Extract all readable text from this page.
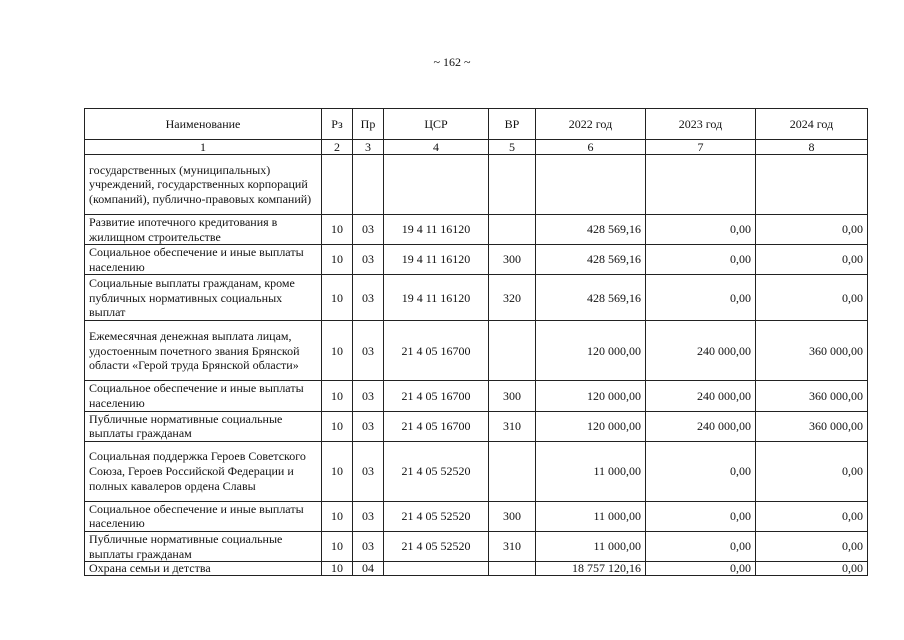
~ 162 ~
Наименование	Рз	Пр	ЦСР	ВР	2022 год	2023 год	2024 год
1	2	3	4	5	6	7	8
государственных (муниципальных) учреждений, государственных корпораций (компаний), публично-правовых компаний)							
Развитие ипотечного кредитования в жилищном строительстве	10	03	19 4 11 16120		428 569,16	0,00	0,00
Социальное обеспечение и иные выплаты населению	10	03	19 4 11 16120	300	428 569,16	0,00	0,00
Социальные выплаты гражданам, кроме публичных нормативных социальных выплат	10	03	19 4 11 16120	320	428 569,16	0,00	0,00
Ежемесячная денежная выплата лицам, удостоенным почетного звания Брянской области «Герой труда Брянской области»	10	03	21 4 05 16700		120 000,00	240 000,00	360 000,00
Социальное обеспечение и иные выплаты населению	10	03	21 4 05 16700	300	120 000,00	240 000,00	360 000,00
Публичные нормативные социальные выплаты гражданам	10	03	21 4 05 16700	310	120 000,00	240 000,00	360 000,00
Социальная поддержка Героев Советского Союза, Героев Российской Федерации и полных кавалеров ордена Славы	10	03	21 4 05 52520		11 000,00	0,00	0,00
Социальное обеспечение и иные выплаты населению	10	03	21 4 05 52520	300	11 000,00	0,00	0,00
Публичные нормативные социальные выплаты гражданам	10	03	21 4 05 52520	310	11 000,00	0,00	0,00
Охрана семьи и детства	10	04			18 757 120,16	0,00	0,00
